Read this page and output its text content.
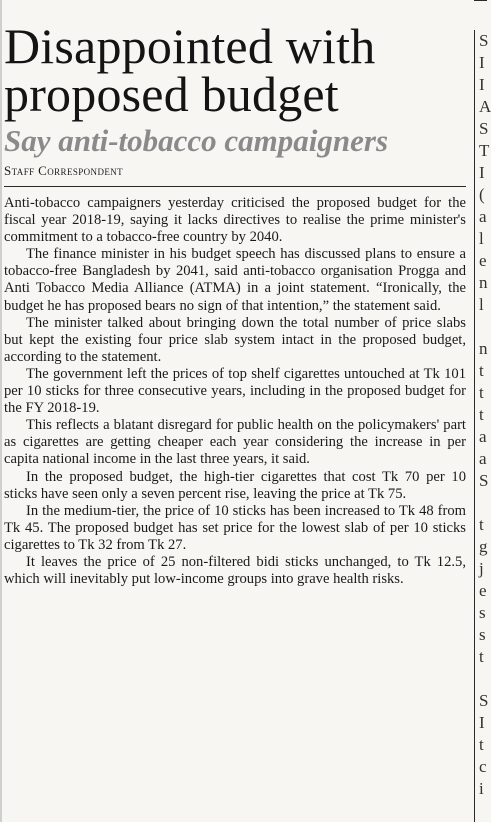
Disappointed with
proposed budget
Say anti-tobacco campaigners
Staff Correspondent

Anti-tobacco campaigners yesterday criticised the proposed budget for the fiscal year 2018-19, saying it lacks directives to realise the prime minister's commitment to a tobacco-free country by 2040.

The finance minister in his budget speech has discussed plans to ensure a tobacco-free Bangladesh by 2041, said anti-tobacco organisation Progga and Anti Tobacco Media Alliance (ATMA) in a joint statement. “Ironically, the budget he has proposed bears no sign of that intention,” the statement said.

The minister talked about bringing down the total number of price slabs but kept the existing four price slab system intact in the proposed budget, according to the statement.

The government left the prices of top shelf cigarettes untouched at Tk 101 per 10 sticks for three consecutive years, including in the proposed budget for the FY 2018-19.

This reflects a blatant disregard for public health on the policymakers' part as cigarettes are getting cheaper each year considering the increase in per capita national income in the last three years, it said.

In the proposed budget, the high-tier cigarettes that cost Tk 70 per 10 sticks have seen only a seven percent rise, leaving the price at Tk 75.

In the medium-tier, the price of 10 sticks has been increased to Tk 48 from Tk 45. The proposed budget has set price for the lowest slab of per 10 sticks cigarettes to Tk 32 from Tk 27.

It leaves the price of 25 non-filtered bidi sticks unchanged, to Tk 12.5, which will inevitably put low-income groups into grave health risks.

S
I
I
A
S
T
I
(
a
l
e
n
l

n
t
t
t
a
a
S

t
g
j
e
s
s
t

S
I
t
c
i
